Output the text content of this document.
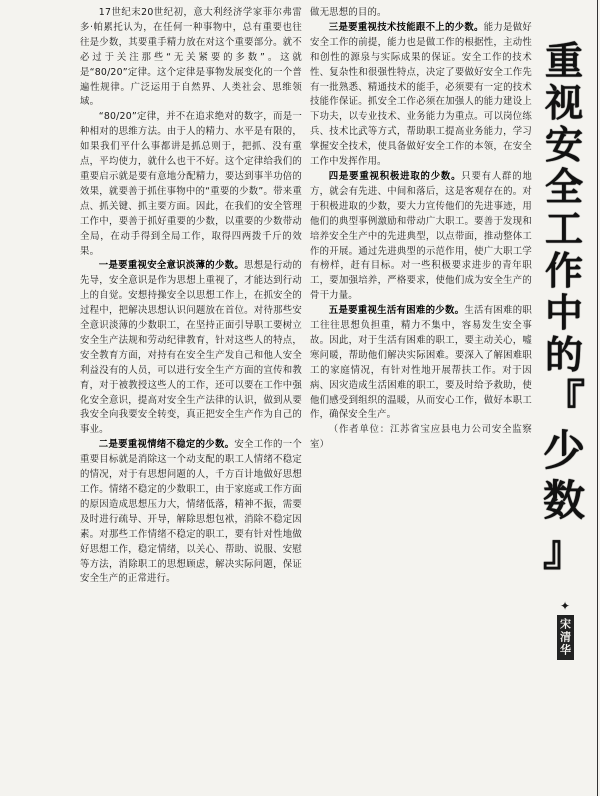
17世纪末20世纪初，意大利经济学家菲尔弗雷多·帕累托认为，在任何一种事物中，总有重要也往往是少数，其要重手精力放在对这个重要部分。就不必过于关注那些“无关紧要的多数”。这就是“80/20”定律。这个定律是事物发展变化的一个普遍性规律。广泛运用于自然界、人类社会、思维领域。

“80/20”定律，并不在追求绝对的数字，而是一种相对的思维方法。由于人的精力、水平是有限的，如果我们平什么事都讲是抓总则于，把抓、没有重点，平均使力，就什么也干不好。这个定律给我们的重要启示就是要有意地分配精力，要达到事半功倍的效果，就要善于抓住事物中的“重要的少数”。带来重点、抓关键、抓主要方面。因此，在我们的安全管理工作中，要善于抓好重要的少数，以重要的少数带动全局，在动手得到全局工作，取得四两拨千斤的效果。

一是要重视安全意识淡薄的少数。思想是行动的先导，安全意识是作为思想上重视了，才能达到行动上的自觉。安想持操安全以思想工作上，在抓安全的过程中，把解决思想认识问题放在首位。对待那些安全意识淡薄的少数职工，在坚持正面引导职工要树立安全生产法规和劳动纪律教育，针对这些人的特点，安全教育方面，对持有在安全生产发自己和他人安全利益没有的人员，可以进行安全生产方面的宣传和教育，对于被教授这些人的工作，还可以要在工作中强化安全意识，提高对安全生产法律的认识，做到从要我安全向我要安全转变，真正把安全生产作为自己的事业。

二是要重视情绪不稳定的少数。安全工作的一个重要目标就是消除这一个动支配的职工人情绪不稳定的情况，对于有思想问题的人，千方百计地做好思想工作。情绪不稳定的少数职工，由于家庭或工作方面的原因造成思想压力大，情绪低落，精神不振，需要及时进行疏导、开导，解除思想包袱，消除不稳定因素。对那些工作情绪不稳定的职工，要有针对性地做好思想工作，稳定情绪，以关心、帮助、说服、安慰等方法，消除职工的思想顾虑，解决实际问题，保证安全生产的正常进行。

做无思想的目的。

三是要重视技术技能跟不上的少数。能力是做好安全工作的前提，能力也是做工作的根据性，主动性和创性的源泉与实际成果的保证。安全工作的技术性、复杂性和很强性特点，决定了要做好安全工作先有一批熟悉、精通技术的能手，必须要有一定的技术技能作保证。抓安全工作必须在加强人的能力建设上下功夫，以专业技术、业务能力为重点。可以岗位练兵、技术比武等方式，帮助职工提高业务能力，学习掌握安全技术，使具备做好安全工作的本领，在安全工作中发挥作用。

四是要重视积极进取的少数。只要有人群的地方，就会有先进、中间和落后，这是客观存在的。对于积极进取的少数，要大力宣传他们的先进事迹，用他们的典型事例激励和带动广大职工。要善于发现和培养安全生产中的先进典型，以点带面，推动整体工作的开展。通过先进典型的示范作用，使广大职工学有榜样，赶有目标。对一些积极要求进步的青年职工，要加强培养，严格要求，使他们成为安全生产的骨干力量。

五是要重视生活有困难的少数。生活有困难的职工往往思想负担重，精力不集中，容易发生安全事故。因此，对于生活有困难的职工，要主动关心，嘘寒问暖，帮助他们解决实际困难。要深入了解困难职工的家庭情况，有针对性地开展帮扶工作。对于因病、因灾造成生活困难的职工，要及时给予救助，使他们感受到组织的温暖，从而安心工作，做好本职工作，确保安全生产。

（作者单位：江苏省宝应县电力公司安全监察室）

重
视
安
全
工
作
中
的
『
少
数
』
✦
宋清华
